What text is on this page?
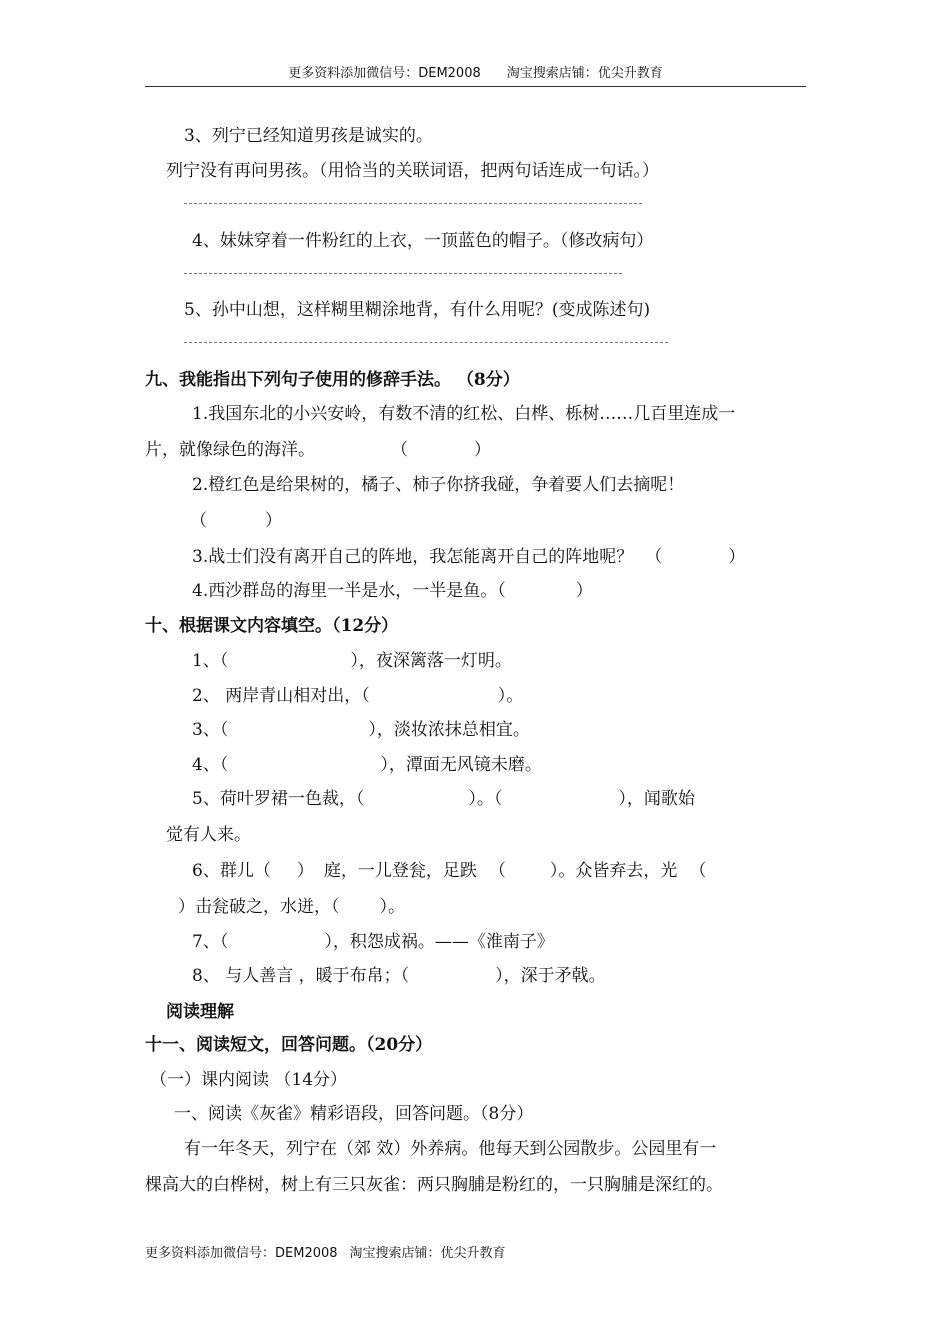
更多资料添加微信号：DEM2008 淘宝搜索店铺：优尖升教育
3、列宁已经知道男孩是诚实的。
列宁没有再问男孩。（用恰当的关联词语，把两句话连成一句话。）
4、妹妹穿着一件粉红的上衣，一顶蓝色的帽子。（修改病句）
5、孙中山想，这样糊里糊涂地背，有什么用呢？(变成陈述句)
九、我能指出下列句子使用的修辞手法。 （8分）
1.我国东北的小兴安岭，有数不清的红松、白桦、栎树……几百里连成一
片，就像绿色的海洋。	（	）
2.橙红色是给果树的，橘子、柿子你挤我碰，争着要人们去摘呢！
（	）
3.战士们没有离开自己的阵地，我怎能离开自己的阵地呢？ （	）
4.西沙群岛的海里一半是水，一半是鱼。（	）
十、根据课文内容填空。（12分）
1、（	），夜深篱落一灯明。
2、 两岸青山相对出，（	）。
3、（	），淡妆浓抹总相宜。
4、（	），潭面无风镜未磨。
5、荷叶罗裙一色裁，（	）。（	），闻歌始
觉有人来。
6、群儿（ ） 庭，一儿登瓮，足跌 （	）。众皆弃去，光 （
）击瓮破之，水迸，（ ）。
7、（	），积怨成祸。——《淮南子》
8、 与人善言 ，暖于布帛；（	），深于矛戟。
阅读理解
十一、阅读短文，回答问题。（20分）
（一）课内阅读 （14分）
一、阅读《灰雀》精彩语段，回答问题。（8分）
有一年冬天，列宁在（郊 效）外养病。他每天到公园散步。公园里有一
棵高大的白桦树，树上有三只灰雀：两只胸脯是粉红的，一只胸脯是深红的。
更多资料添加微信号：DEM2008 淘宝搜索店铺：优尖升教育
